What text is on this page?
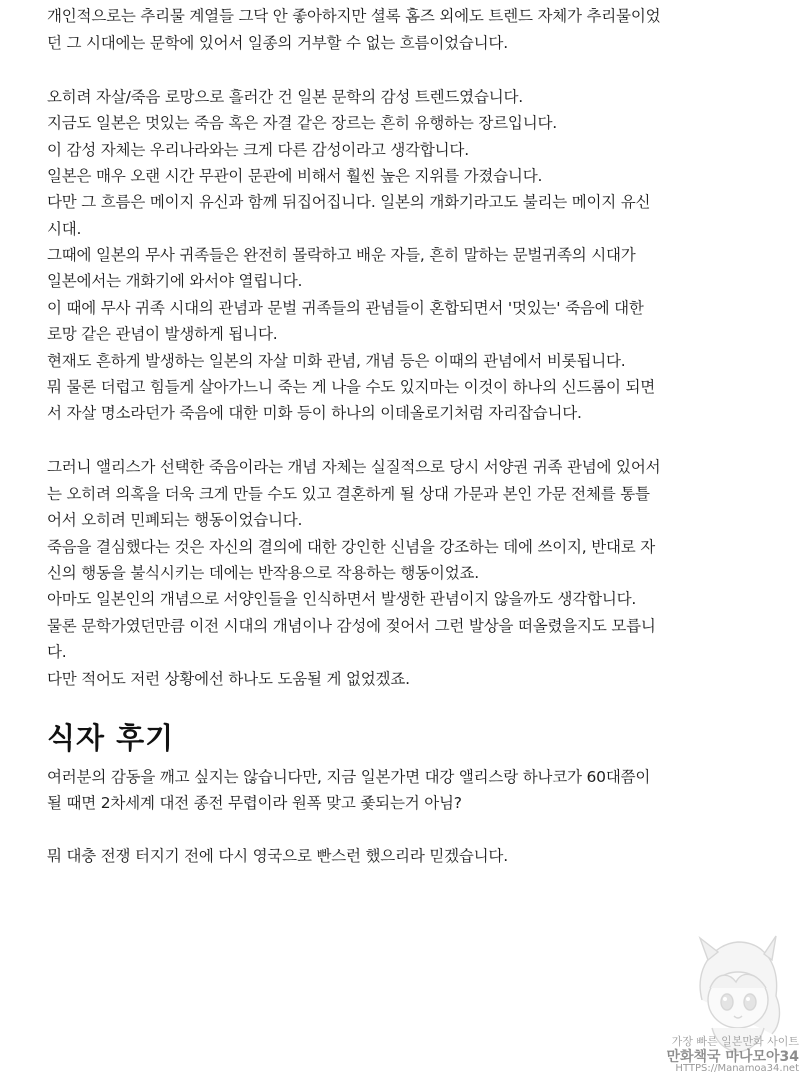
개인적으로는 추리물 계열들 그닥 안 좋아하지만 셜록 홈즈 외에도 트렌드 자체가 추리물이었
던 그 시대에는 문학에 있어서 일종의 거부할 수 없는 흐름이었습니다.
오히려 자살/죽음 로망으로 흘러간 건 일본 문학의 감성 트렌드였습니다.
지금도 일본은 멋있는 죽음 혹은 자결 같은 장르는 흔히 유행하는 장르입니다.
이 감성 자체는 우리나라와는 크게 다른 감성이라고 생각합니다.
일본은 매우 오랜 시간 무관이 문관에 비해서 훨씬 높은 지위를 가졌습니다.
다만 그 흐름은 메이지 유신과 함께 뒤집어집니다. 일본의 개화기라고도 불리는 메이지 유신
시대.
그때에 일본의 무사 귀족들은 완전히 몰락하고 배운 자들, 흔히 말하는 문벌귀족의 시대가
일본에서는 개화기에 와서야 열립니다.
이 때에 무사 귀족 시대의 관념과 문벌 귀족들의 관념들이 혼합되면서 '멋있는' 죽음에 대한
로망 같은 관념이 발생하게 됩니다.
현재도 흔하게 발생하는 일본의 자살 미화 관념, 개념 등은 이때의 관념에서 비롯됩니다.
뭐 물론 더럽고 힘들게 살아가느니 죽는 게 나을 수도 있지마는 이것이 하나의 신드롬이 되면
서 자살 명소라던가 죽음에 대한 미화 등이 하나의 이데올로기처럼 자리잡습니다.
그러니 앨리스가 선택한 죽음이라는 개념 자체는 실질적으로 당시 서양권 귀족 관념에 있어서
는 오히려 의혹을 더욱 크게 만들 수도 있고 결혼하게 될 상대 가문과 본인 가문 전체를 통틀
어서 오히려 민폐되는 행동이었습니다.
죽음을 결심했다는 것은 자신의 결의에 대한 강인한 신념을 강조하는 데에 쓰이지, 반대로 자
신의 행동을 불식시키는 데에는 반작용으로 작용하는 행동이었죠.
아마도 일본인의 개념으로 서양인들을 인식하면서 발생한 관념이지 않을까도 생각합니다.
물론 문학가였던만큼 이전 시대의 개념이나 감성에 젖어서 그런 발상을 떠올렸을지도 모릅니
다.
다만 적어도 저런 상황에선 하나도 도움될 게 없었겠죠.
식자 후기
여러분의 감동을 깨고 싶지는 않습니다만, 지금 일본가면 대강 앨리스랑 하나코가 60대쯤이
될 때면 2차세계 대전 종전 무렵이라 원폭 맞고 죷되는거 아님?
뭐 대충 전쟁 터지기 전에 다시 영국으로 빤스런 했으리라 믿겠습니다.
가장 빠른 일본만화 사이트
만화책국 마나모아34
HTTPS://Manamoa34.net
